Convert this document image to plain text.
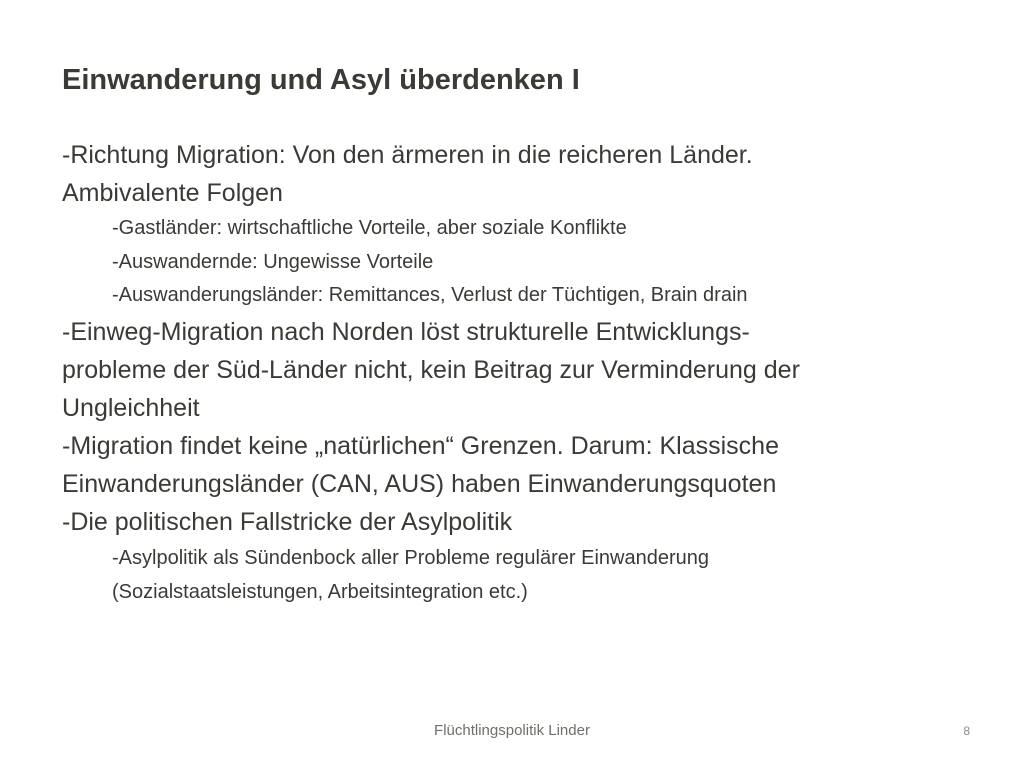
Einwanderung und Asyl überdenken I

-Richtung Migration: Von den ärmeren in die reicheren Länder.

Ambivalente Folgen

-Gastländer: wirtschaftliche Vorteile, aber soziale Konflikte

-Auswandernde: Ungewisse Vorteile

-Auswanderungsländer: Remittances, Verlust der Tüchtigen, Brain drain

-Einweg-Migration nach Norden löst strukturelle Entwicklungs-

probleme der Süd-Länder nicht, kein Beitrag zur Verminderung der

Ungleichheit

-Migration findet keine „natürlichen“ Grenzen. Darum: Klassische

Einwanderungsländer (CAN, AUS) haben Einwanderungsquoten

-Die politischen Fallstricke der Asylpolitik

-Asylpolitik als Sündenbock aller Probleme regulärer Einwanderung

(Sozialstaatsleistungen, Arbeitsintegration etc.)

Flüchtlingspolitik Linder	8
